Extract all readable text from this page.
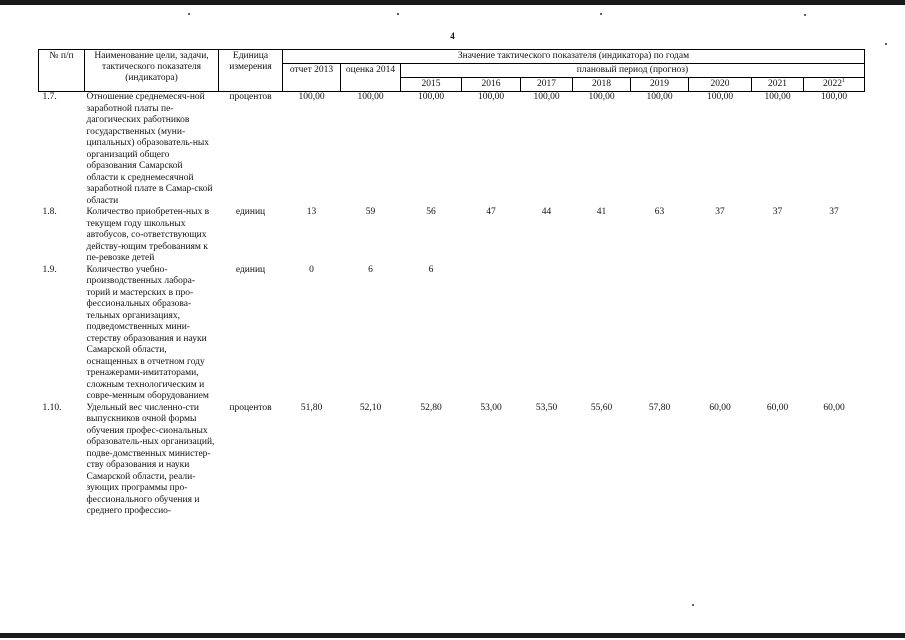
4
№ п/п	Наименование цели, задачи, тактического показателя (индикатора)	Единица измерения	Значение тактического показателя (индикатора) по годам									
			отчет 2013	оценка 2014	плановый период (прогноз)							
					2015	2016	2017	2018	2019	2020	2021	2022$^1$
1.7.	Отношение среднемесяч-ной заработной платы пе-дагогических работников государственных (муни-ципальных) образователь-ных организаций общего образования Самарской области к среднемесячной заработной плате в Самар-ской области	процентов	100,00	100,00	100,00	100,00	100,00	100,00	100,00	100,00	100,00	100,00
1.8.	Количество приобретен-ных в текущем году школьных автобусов, со-ответствующих действу-ющим требованиям к пе-ревозке детей	единиц	13	59	56	47	44	41	63	37	37	37
1.9.	Количество учебно-производственных лабора-торий и мастерских в про-фессиональных образова-тельных организациях, подведомственных мини-стерству образования и науки Самарской области, оснащенных в отчетном году тренажерами-имитаторами, сложным технологическим и совре-менным оборудованием	единиц	0	6	6							
1.10.	Удельный вес численно-сти выпускников очной формы обучения профес-сиональных образователь-ных организаций, подве-домственных министер-ству образования и науки Самарской области, реали-зующих программы про-фессионального обучения и среднего профессио-	процентов	51,80	52,10	52,80	53,00	53,50	55,60	57,80	60,00	60,00	60,00
